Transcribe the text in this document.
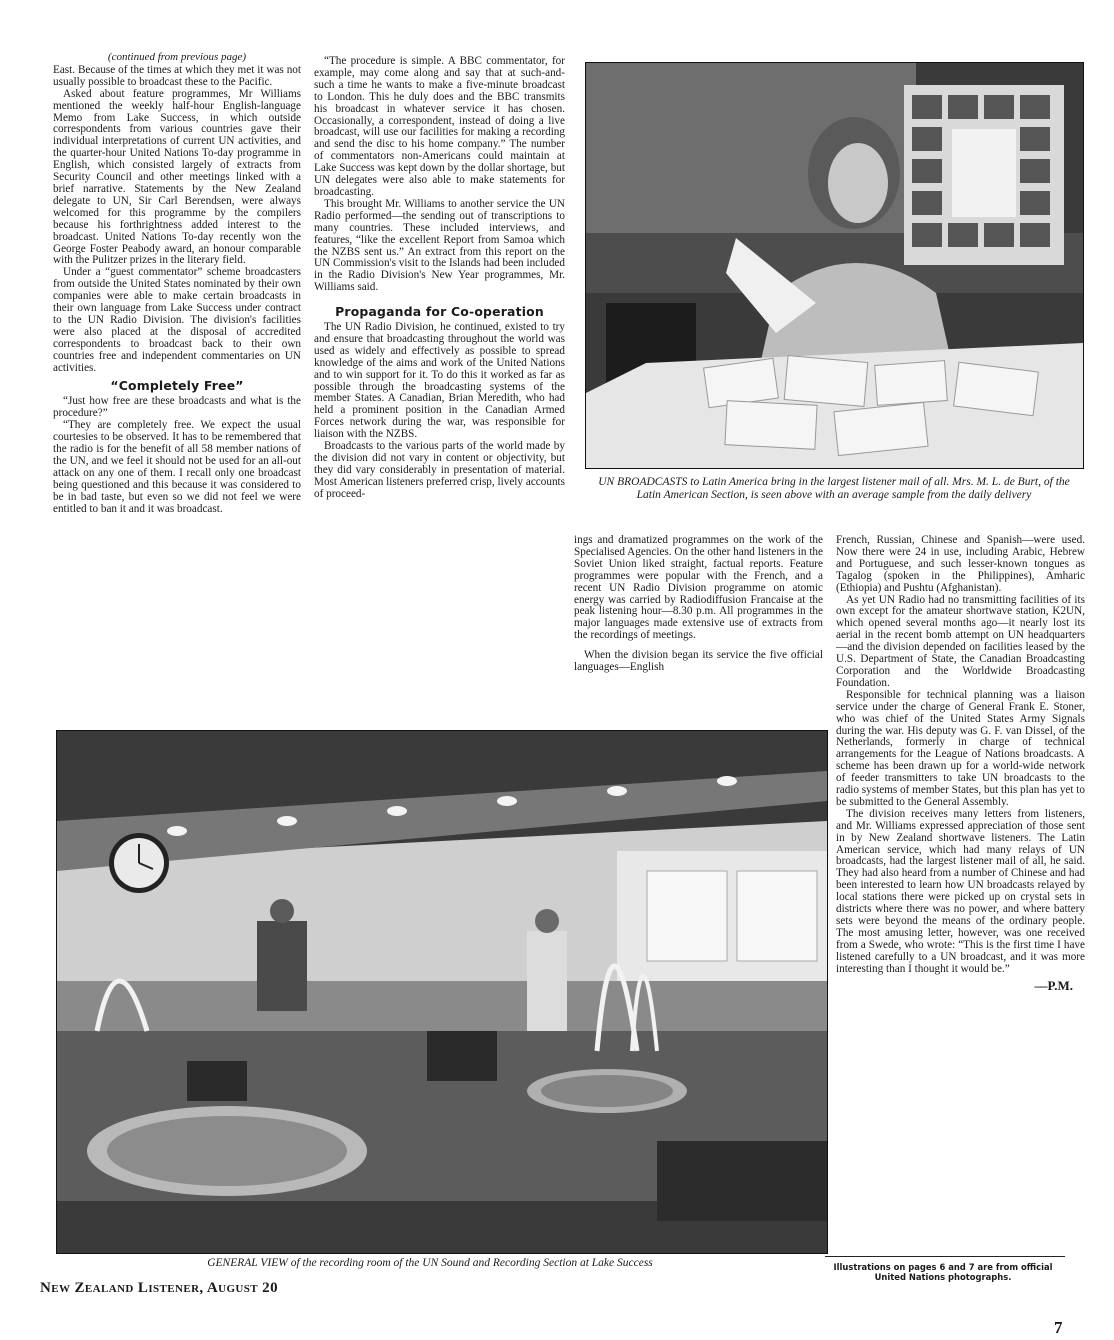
(continued from previous page)

East. Because of the times at which they met it was not usually possible to broadcast these to the Pacific.

Asked about feature programmes, Mr Williams mentioned the weekly half-hour English-language Memo from Lake Success, in which outside correspondents from various countries gave their individual interpretations of current UN activities, and the quarter-hour United Nations To-day programme in English, which consisted largely of extracts from Security Council and other meetings linked with a brief narrative. Statements by the New Zealand delegate to UN, Sir Carl Berendsen, were always welcomed for this programme by the compilers because his forthrightness added interest to the broadcast. United Nations To-day recently won the George Foster Peabody award, an honour comparable with the Pulitzer prizes in the literary field.

Under a “guest commentator” scheme broadcasters from outside the United States nominated by their own companies were able to make certain broadcasts in their own language from Lake Success under contract to the UN Radio Division. The division's facilities were also placed at the disposal of accredited correspondents to broadcast back to their own countries free and independent commentaries on UN activities.

“Completely Free”

“Just how free are these broadcasts and what is the procedure?”

“They are completely free. We expect the usual courtesies to be observed. It has to be remembered that the radio is for the benefit of all 58 member nations of the UN, and we feel it should not be used for an all-out attack on any one of them. I recall only one broadcast being questioned and this because it was considered to be in bad taste, but even so we did not feel we were entitled to ban it and it was broadcast.

“The procedure is simple. A BBC commentator, for example, may come along and say that at such-and-such a time he wants to make a five-minute broadcast to London. This he duly does and the BBC transmits his broadcast in whatever service it has chosen. Occasionally, a correspondent, instead of doing a live broadcast, will use our facilities for making a recording and send the disc to his home company.” The number of commentators non-Americans could maintain at Lake Success was kept down by the dollar shortage, but UN delegates were also able to make statements for broadcasting.

This brought Mr. Williams to another service the UN Radio performed—the sending out of transcriptions to many countries. These included interviews, and features, “like the excellent Report from Samoa which the NZBS sent us.” An extract from this report on the UN Commission's visit to the Islands had been included in the Radio Division's New Year programmes, Mr. Williams said.

Propaganda for Co-operation

The UN Radio Division, he continued, existed to try and ensure that broadcasting throughout the world was used as widely and effectively as possible to spread knowledge of the aims and work of the United Nations and to win support for it. To do this it worked as far as possible through the broadcasting systems of the member States. A Canadian, Brian Meredith, who had held a prominent position in the Canadian Armed Forces network during the war, was responsible for liaison with the NZBS.

Broadcasts to the various parts of the world made by the division did not vary in content or objectivity, but they did vary considerably in presentation of material. Most American listeners preferred crisp, lively accounts of proceed-

UN BROADCASTS to Latin America bring in the largest listener mail of all. Mrs. M. L. de Burt, of the Latin American Section, is seen above with an average sample from the daily delivery

ings and dramatized programmes on the work of the Specialised Agencies. On the other hand listeners in the Soviet Union liked straight, factual reports. Feature programmes were popular with the French, and a recent UN Radio Division programme on atomic energy was carried by Radiodiffusion Francaise at the peak listening hour—8.30 p.m. All programmes in the major languages made extensive use of extracts from the recordings of meetings.

When the division began its service the five official languages—English

French, Russian, Chinese and Spanish—were used. Now there were 24 in use, including Arabic, Hebrew and Portuguese, and such lesser-known tongues as Tagalog (spoken in the Philippines), Amharic (Ethiopia) and Pushtu (Afghanistan).

As yet UN Radio had no transmitting facilities of its own except for the amateur shortwave station, K2UN, which opened several months ago—it nearly lost its aerial in the recent bomb attempt on UN headquarters—and the division depended on facilities leased by the U.S. Department of State, the Canadian Broadcasting Corporation and the Worldwide Broadcasting Foundation.

Responsible for technical planning was a liaison service under the charge of General Frank E. Stoner, who was chief of the United States Army Signals during the war. His deputy was G. F. van Dissel, of the Netherlands, formerly in charge of technical arrangements for the League of Nations broadcasts. A scheme has been drawn up for a world-wide network of feeder transmitters to take UN broadcasts to the radio systems of member States, but this plan has yet to be submitted to the General Assembly.

The division receives many letters from listeners, and Mr. Williams expressed appreciation of those sent in by New Zealand shortwave listeners. The Latin American service, which had many relays of UN broadcasts, had the largest listener mail of all, he said. They had also heard from a number of Chinese and had been interested to learn how UN broadcasts relayed by local stations there were picked up on crystal sets in districts where there was no power, and where battery sets were beyond the means of the ordinary people. The most amusing letter, however, was one received from a Swede, who wrote: “This is the first time I have listened carefully to a UN broadcast, and it was more interesting than I thought it would be.”

—P.M.
GENERAL VIEW of the recording room of the UN Sound and Recording Section at Lake Success	Illustrations on pages 6 and 7 are from official United Nations photographs.
New Zealand Listener, August 20
7
